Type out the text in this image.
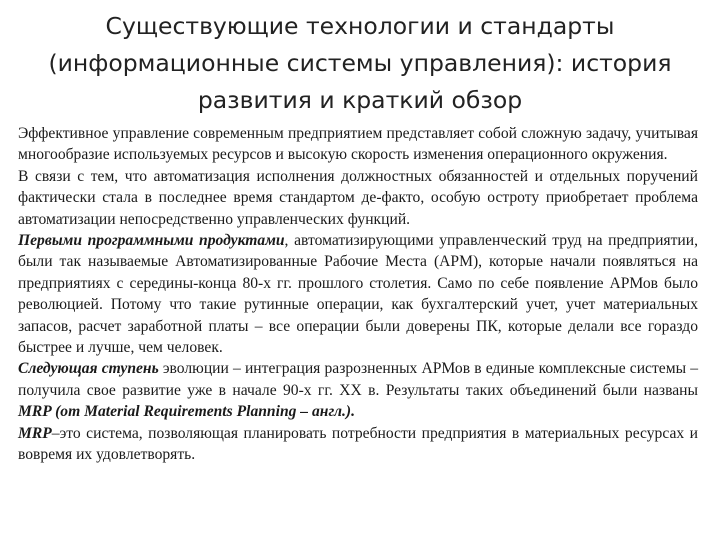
Существующие технологии и стандарты
(информационные системы управления): история
развития и краткий обзор

Эффективное управление современным предприятием представляет собой сложную задачу, учитывая многообразие используемых ресурсов и высокую скорость изменения операционного окружения.

В связи с тем, что автоматизация исполнения должностных обязанностей и отдельных поручений фактически стала в последнее время стандартом де-факто, особую остроту приобретает проблема автоматизации непосредственно управленческих функций.

Первыми программными продуктами, автоматизирующими управленческий труд на предприятии, были так называемые Автоматизированные Рабочие Места (АРМ), которые начали появляться на предприятиях с середины-конца 80-х гг. прошлого столетия. Само по себе появление АРМов было революцией. Потому что такие рутинные операции, как бухгалтерский учет, учет материальных запасов, расчет заработной платы – все операции были доверены ПК, которые делали все гораздо быстрее и лучше, чем человек.

Следующая ступень эволюции – интеграция разрозненных АРМов в единые комплексные системы – получила свое развитие уже в начале 90-х гг. XX в. Результаты таких объединений были названы MRP (от Material Requirements Planning – англ.).

MRP–это система, позволяющая планировать потребности предприятия в материальных ресурсах и вовремя их удовлетворять.
